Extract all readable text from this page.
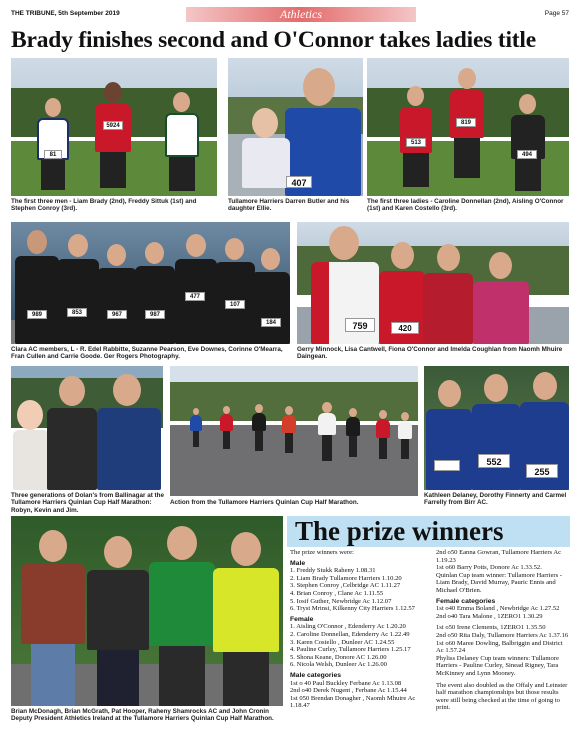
THE TRIBUNE, 5th September 2019	Athletics	Page 57
Brady finishes second and O'Connor takes ladies title
81
5924
The first three men - Liam Brady (2nd), Freddy Sittuk (1st) and Stephen Conroy (3rd).
407
Tullamore Harriers Darren Butler and his daughter Ellie.
513
819
494
The first three ladies - Caroline Donnellan (2nd), Aisling O'Connor (1st) and Karen Costello (3rd).
989	853	967	987
477
107
184
Clara AC members, L - R. Edel Rabbitte, Suzanne Pearson, Eve Downes, Corinne O'Mearra, Fran Cullen and Carrie Goode. Ger Rogers Photography.
759	420
Gerry Minnock, Lisa Cantwell, Fiona O'Connor and Imelda Coughlan from Naomh Mhuire Daingean.
Three generations of Dolan's from Ballinagar at the Tullamore Harriers Quinlan Cup Half Marathon: Robyn, Kevin and Jim.
Action from the Tullamore Harriers Quinlan Cup Half Marathon.
552
255
Kathleen Delaney, Dorothy Finnerty and Carmel Farrelly from Birr AC.
Brian McDonagh, Brian McGrath, Pat Hooper, Raheny Shamrocks AC and John Cronin Deputy President Athletics Ireland at the Tullamore Harriers Quinlan Cup Half Marathon.
The prize winners

The prize winners were:

Male

1. Freddy Stukk Raheny 1.08.31

2. Liam Brady Tullamore Harriers 1.10.20

3. Stephen Conroy ,Celbridge AC 1.11.27

4. Brian Conroy , Clane Ac 1.11.55

5. Iosif Guther, Newbridge Ac 1.12.07

6. Tryst Mrinsi, Kilkenny City Harriers 1.12.57

Female

1. Aisling O'Connor , Edenderry Ac 1.20.20

2. Caroline Donnellan, Edenderry Ac 1.22.49

3. Karen Costello , Dunleer AC 1.24.55

4. Pauline Curley, Tullamore Harriers 1.25.17

5. Shona Keane, Donore AC 1.26.00

6. Nicola Welsh, Dunleer Ac 1.26.00

Male categories

1st o 40 Paul Buckley Ferbane Ac 1.13.08

2nd o40 Derek Nugent , Ferbane Ac 1.15.44

1st 050 Brendan Donagher , Naomh Mhuire Ac 1.18.47

2nd o50 Eanna Gowran, Tullamore Harriers Ac 1.19.23

1st o60 Barry Potts, Donore Ac 1.33.52.

Quinlan Cup team winner: Tullamore Harriers - Liam Brady, David Murray, Pauric Ennis and Michael O'Brien.

Female categories

1st o40 Emma Boland , Newbridge Ac 1.27.52

2nd o40 Tara Malone , 1ZERO1 1.30.29

1st o50 Irene Clements, 1ZERO1 1.35.50

2nd o50 Rita Daly, Tullamore Harriers Ac 1.37.16

1st o60 Maree Dowling, Balbriggin and District Ac 1.57.24

Phyliss Delaney Cup team winners: Tullamore Harriers - Pauline Curley, Sinead Rigney, Tara McKinney and Lynn Mooney.

The event also doubled as the Offaly and Leinster half marathon championships but those results were still being checked at the time of going to print.
